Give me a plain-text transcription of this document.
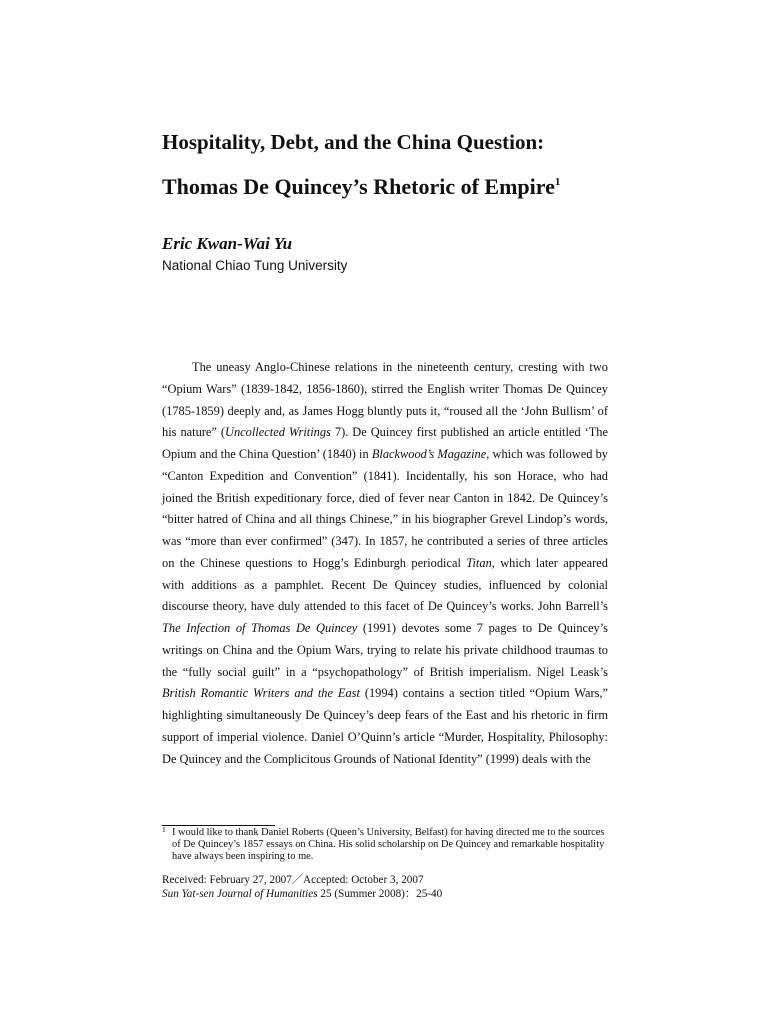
Hospitality, Debt, and the China Question:
Thomas De Quincey’s Rhetoric of Empire$^1$
Eric Kwan-Wai Yu
National Chiao Tung University

The uneasy Anglo-Chinese relations in the nineteenth century, cresting with two “Opium Wars” (1839-1842, 1856-1860), stirred the English writer Thomas De Quincey (1785-1859) deeply and, as James Hogg bluntly puts it, “roused all the ‘John Bullism’ of his nature” (Uncollected Writings 7). De Quincey first published an article entitled ‘The Opium and the China Question’ (1840) in Blackwood’s Magazine, which was followed by “Canton Expedition and Convention” (1841). Incidentally, his son Horace, who had joined the British expeditionary force, died of fever near Canton in 1842. De Quincey’s “bitter hatred of China and all things Chinese,” in his biographer Grevel Lindop’s words, was “more than ever confirmed” (347). In 1857, he contributed a series of three articles on the Chinese questions to Hogg’s Edinburgh periodical Titan, which later appeared with additions as a pamphlet. Recent De Quincey studies, influenced by colonial discourse theory, have duly attended to this facet of De Quincey’s works. John Barrell’s The Infection of Thomas De Quincey (1991) devotes some 7 pages to De Quincey’s writings on China and the Opium Wars, trying to relate his private childhood traumas to the “fully social guilt” in a “psychopathology” of British imperialism. Nigel Leask’s British Romantic Writers and the East (1994) contains a section titled “Opium Wars,” highlighting simultaneously De Quincey’s deep fears of the East and his rhetoric in firm support of imperial violence. Daniel O’Quinn’s article “Murder, Hospitality, Philosophy: De Quincey and the Complicitous Grounds of National Identity” (1999) deals with the

1 I would like to thank Daniel Roberts (Queen’s University, Belfast) for having directed me to the sources of De Quincey’s 1857 essays on China. His solid scholarship on De Quincey and remarkable hospitality have always been inspiring to me.

Received: February 27, 2007／Accepted: October 3, 2007
Sun Yat-sen Journal of Humanities 25 (Summer 2008)：25-40
